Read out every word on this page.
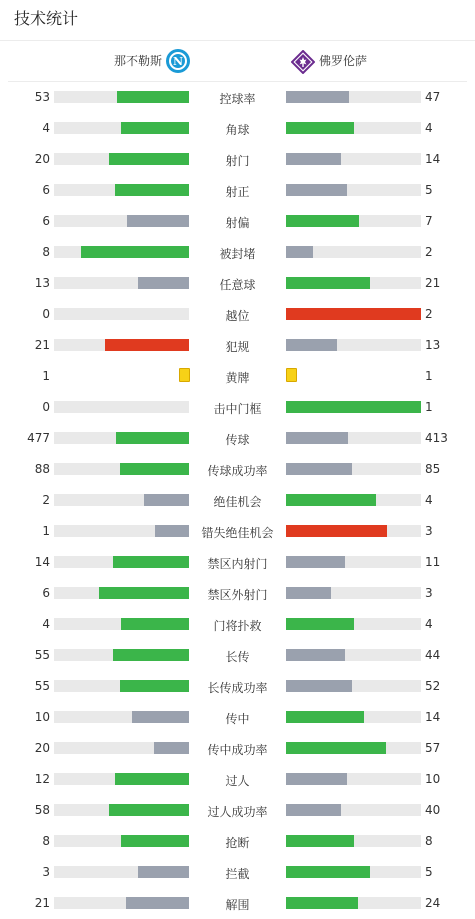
技术统计
那不勒斯 N	佛罗伦萨
53	控球率	47
4	角球	4
20	射门	14
6	射正	5
6	射偏	7
8	被封堵	2
13	任意球	21
0	越位	2
21	犯规	13
1	黄牌	1
0	击中门框	1
477	传球	413
88	传球成功率	85
2	绝佳机会	4
1	错失绝佳机会	3
14	禁区内射门	11
6	禁区外射门	3
4	门将扑救	4
55	长传	44
55	长传成功率	52
10	传中	14
20	传中成功率	57
12	过人	10
58	过人成功率	40
8	抢断	8
3	拦截	5
21	解围	24
